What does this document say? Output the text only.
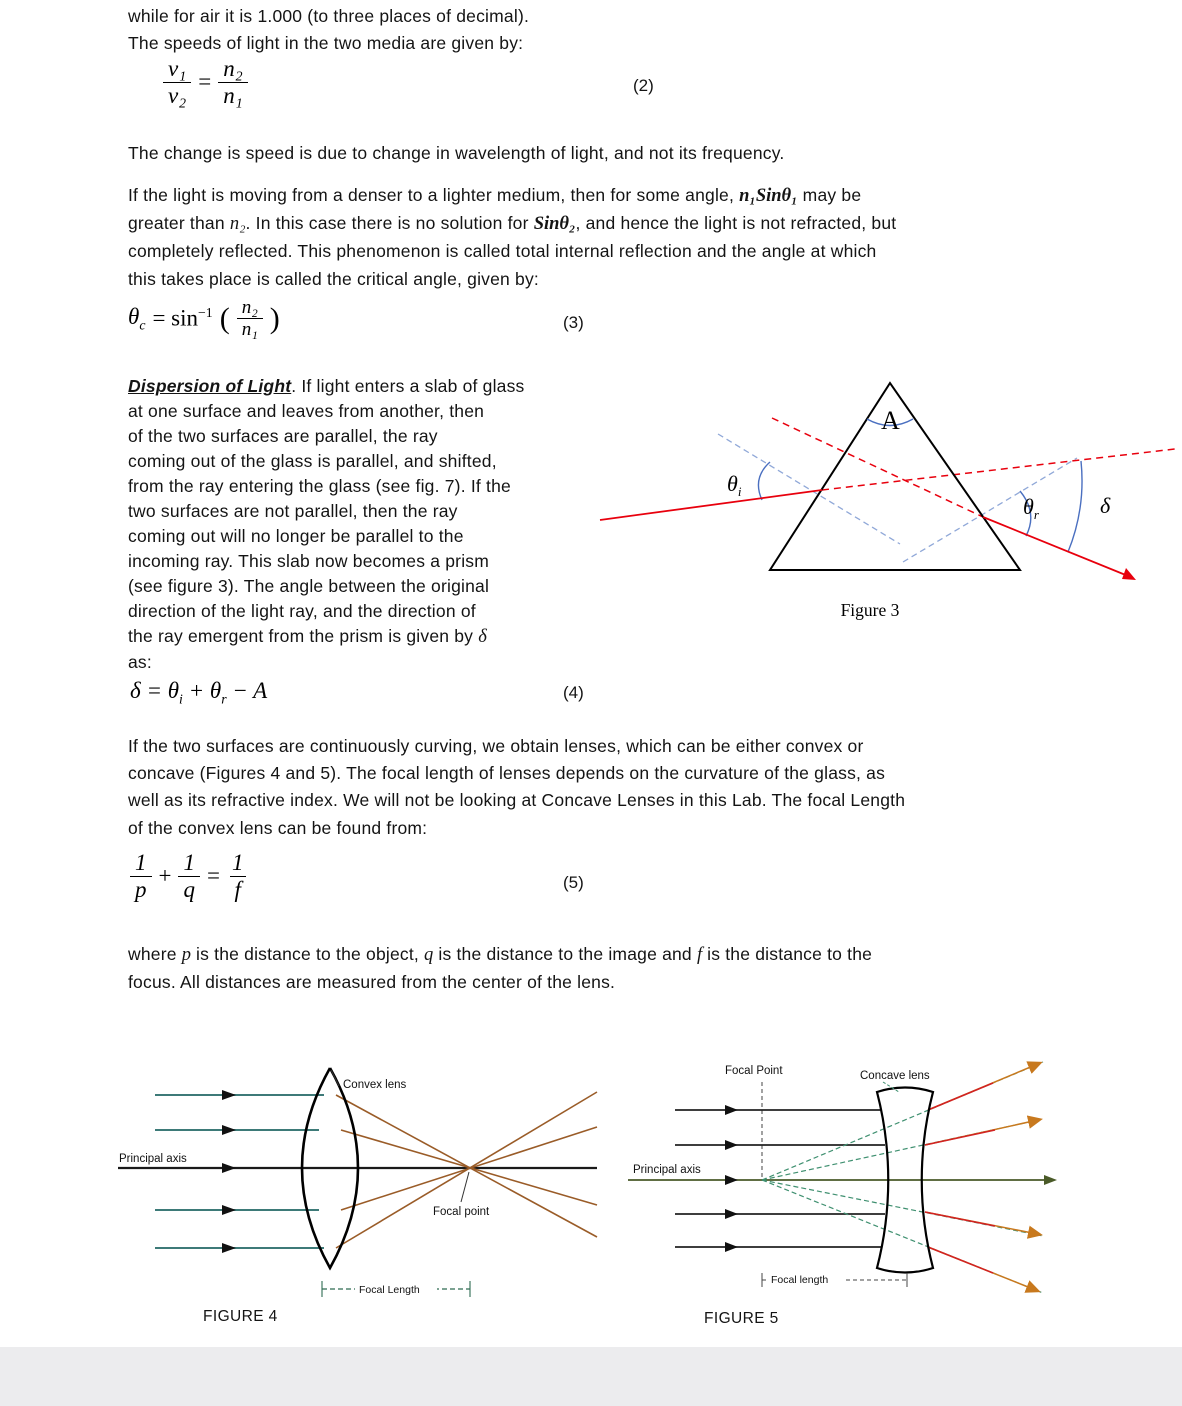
while for air it is 1.000 (to three places of decimal).
The speeds of light in the two media are given by:
$\frac{\text{v₁}}{\text{v₂}} = \frac{\text{n₂}}{\text{n₁}}$	(2)
The change is speed is due to change in wavelength of light, and not its frequency.
If the light is moving from a denser to a lighter medium, then for some angle, n₁Sinθ₁ may be
greater than n₂. In this case there is no solution for Sinθ₂, and hence the light is not refracted, but
completely reflected. This phenomenon is called total internal reflection and the angle at which
this takes place is called the critical angle, given by:
$\theta_c = \sin^{-1}$ ( $\frac{\text{n₂}}{\text{n₁}}$ )	(3)
Dispersion of Light. If light enters a slab of glass
at one surface and leaves from another, then
of the two surfaces are parallel, the ray
coming out of the glass is parallel, and shifted,
from the ray entering the glass (see fig. 7). If the
two surfaces are not parallel, then the ray
coming out will no longer be parallel to the
incoming ray. This slab now becomes a prism
(see figure 3). The angle between the original
direction of the light ray, and the direction of
the ray emergent from the prism is given by δ
as:
A
$\theta_i$
$\theta_r$	δ
Figure 3
$\delta = \theta_i + \theta_r - A$	(4)
If the two surfaces are continuously curving, we obtain lenses, which can be either convex or
concave (Figures 4 and 5). The focal length of lenses depends on the curvature of the glass, as
well as its refractive index. We will not be looking at Concave Lenses in this Lab. The focal Length
of the convex lens can be found from:
$\frac{1}{p} + \frac{1}{q} = \frac{1}{f}$	(5)
where p is the distance to the object, q is the distance to the image and f is the distance to the
focus. All distances are measured from the center of the lens.
Convex lens
Principal axis
Focal point
Focal Length
FIGURE 4
Focal Point	Concave lens
Principal axis
Focal length
FIGURE 5
